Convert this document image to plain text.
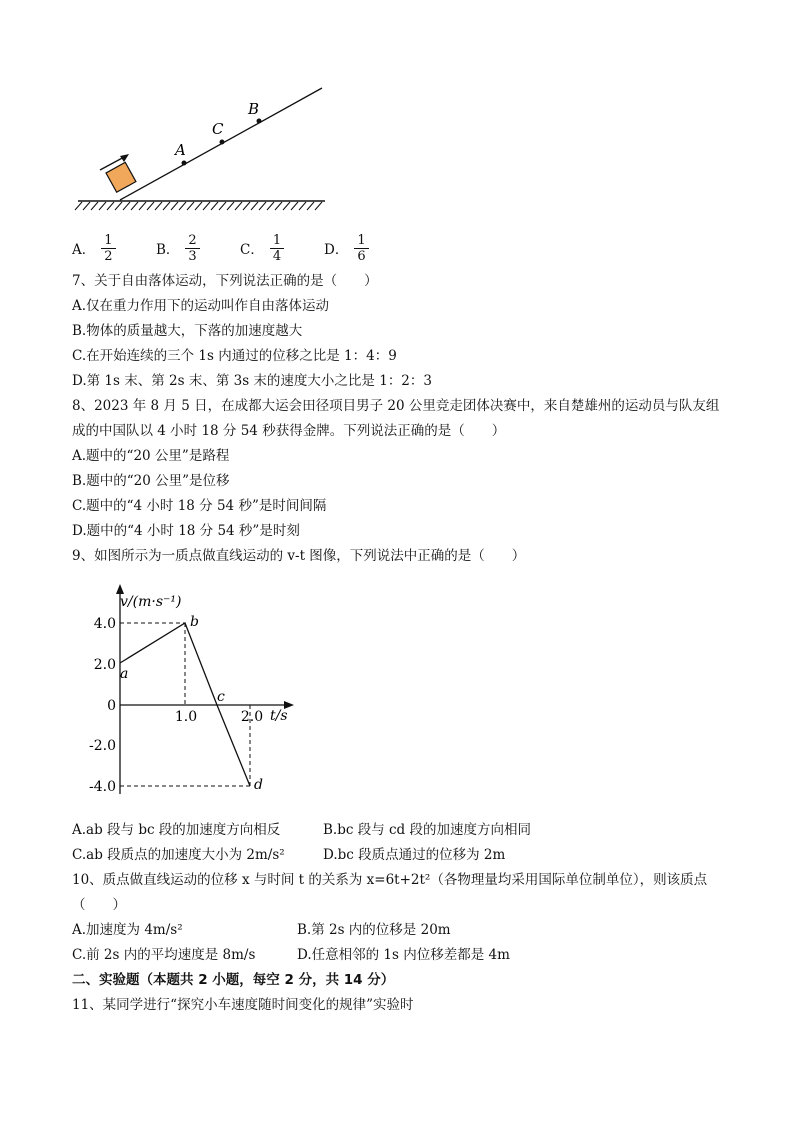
A
C
B
A． $\frac{1}{2}$	B． $\frac{2}{3}$	C． $\frac{1}{4}$	D． $\frac{1}{6}$
7、关于自由落体运动，下列说法正确的是（　　）
A.仅在重力作用下的运动叫作自由落体运动
B.物体的质量越大，下落的加速度越大
C.在开始连续的三个 1s 内通过的位移之比是 1：4：9
D.第 1s 末、第 2s 末、第 3s 末的速度大小之比是 1：2：3
8、2023 年 8 月 5 日，在成都大运会田径项目男子 20 公里竞走团体决赛中，来自楚雄州的运动员与队友组
成的中国队以 4 小时 18 分 54 秒获得金牌。下列说法正确的是（　　）
A.题中的“20 公里”是路程
B.题中的“20 公里”是位移
C.题中的“4 小时 18 分 54 秒”是时间间隔
D.题中的“4 小时 18 分 54 秒”是时刻
9、如图所示为一质点做直线运动的 v-t 图像，下列说法中正确的是（　　）
v/(m·s⁻¹)
t/s
4.0
2.0
0
-2.0
-4.0
1.0	2.0
a
b
c
d
A.ab 段与 bc 段的加速度方向相反	B.bc 段与 cd 段的加速度方向相同
C.ab 段质点的加速度大小为 2m/s²	D.bc 段质点通过的位移为 2m
10、质点做直线运动的位移 x 与时间 t 的关系为 x=6t+2t²（各物理量均采用国际单位制单位），则该质点
（　　）
A.加速度为 4m/s²	B.第 2s 内的位移是 20m
C.前 2s 内的平均速度是 8m/s	D.任意相邻的 1s 内位移差都是 4m
二、实验题（本题共 2 小题，每空 2 分，共 14 分）
11、某同学进行“探究小车速度随时间变化的规律”实验时
